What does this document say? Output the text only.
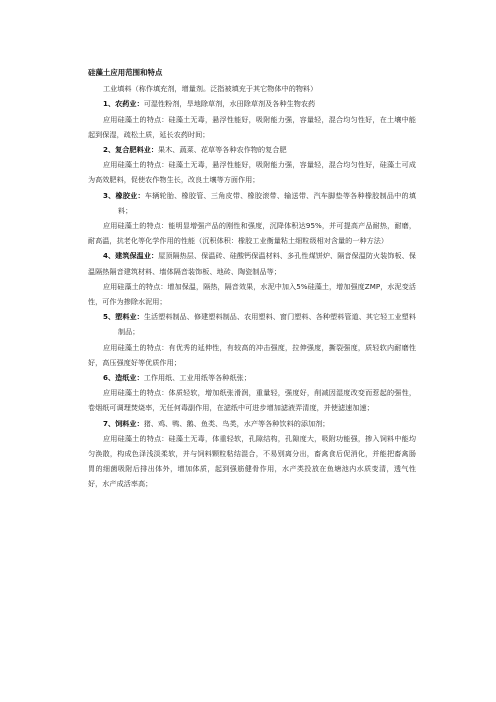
硅藻土应用范围和特点

工业填料（称作填充剂，增量剂。泛指被填充于其它物体中的物料）

1、农药业：可湿性粉剂，旱地除草剂，水田除草剂及各种生物农药

应用硅藻土的特点：硅藻土无毒，悬浮性能好，吸附能力强，容量轻，混合均匀性好，在土壤中能起到保湿，疏松土质，延长农药时间；

2、复合肥料业：果木、蔬菜、花草等各种农作物的复合肥

应用硅藻土的特点：硅藻土无毒，悬浮性能好，吸附能力强，容量轻，混合均匀性好，硅藻土可成为高效肥料，促使农作物生长，改良土壤等方面作用；

3、橡胶业：车辆轮胎、橡胶管、三角皮带、橡胶滚带、输送带、汽车脚垫等各种橡胶制品中的填料；

应用硅藻土的特点：能明显增强产品的刚性和强度，沉降体积达95%，并可提高产品耐热，耐磨，耐高温，抗老化等化学作用的性能（沉积体积：橡胶工业衡量粘土细粒级相对含量的一种方法）

4、建筑保温业：屋顶隔热层、保温砖、硅酸钙保温材料、多孔性煤饼炉、隔音保温防火装饰板、保温隔热隔音建筑材料、墙体隔音装饰板、地砖、陶瓷制品等；

应用硅藻土的特点：增加保温，隔热，隔音效果，水泥中加入5%硅藻土，增加强度ZMP，水泥变活性，可作为掺除水泥用；

5、塑料业：生活塑料制品、修建塑料制品、农用塑料、窗门塑料、各种塑料管道、其它轻工业塑料制品；

应用硅藻土的特点：有优秀的延伸性，有较高的冲击强度，拉伸强度，撕裂强度，质轻软内耐磨性好，高压强度好等优质作用；

6、造纸业：工作用纸、工业用纸等各种纸张；

应用硅藻土的特点：体质轻软，增加纸张滑润，重量轻，强度好，削减因湿度改变而惹起的强性，卷烟纸可调理焚烧率，无任何毒副作用，在滤纸中可进步增加滤液弄清度，并使滤速加速；

7、饲料业：猪、鸡、鸭、鹅、鱼类、鸟类，水产等各种饮料的添加剂；

应用硅藻土的特点：硅藻土无毒，体重轻软，孔隙结构，孔隙度大，吸附功能强，掺入饲料中能均匀涣散，构成色泽浅淡柔软，并与饲料颗粒粘结混合，不易别离分出，畜禽食后促消化，并能把畜禽肠胃的细菌吸附后排出体外，增加体质，起到强筋健骨作用，水产类投放在鱼塘池内水质变清，透气性好，水产成活率高；
